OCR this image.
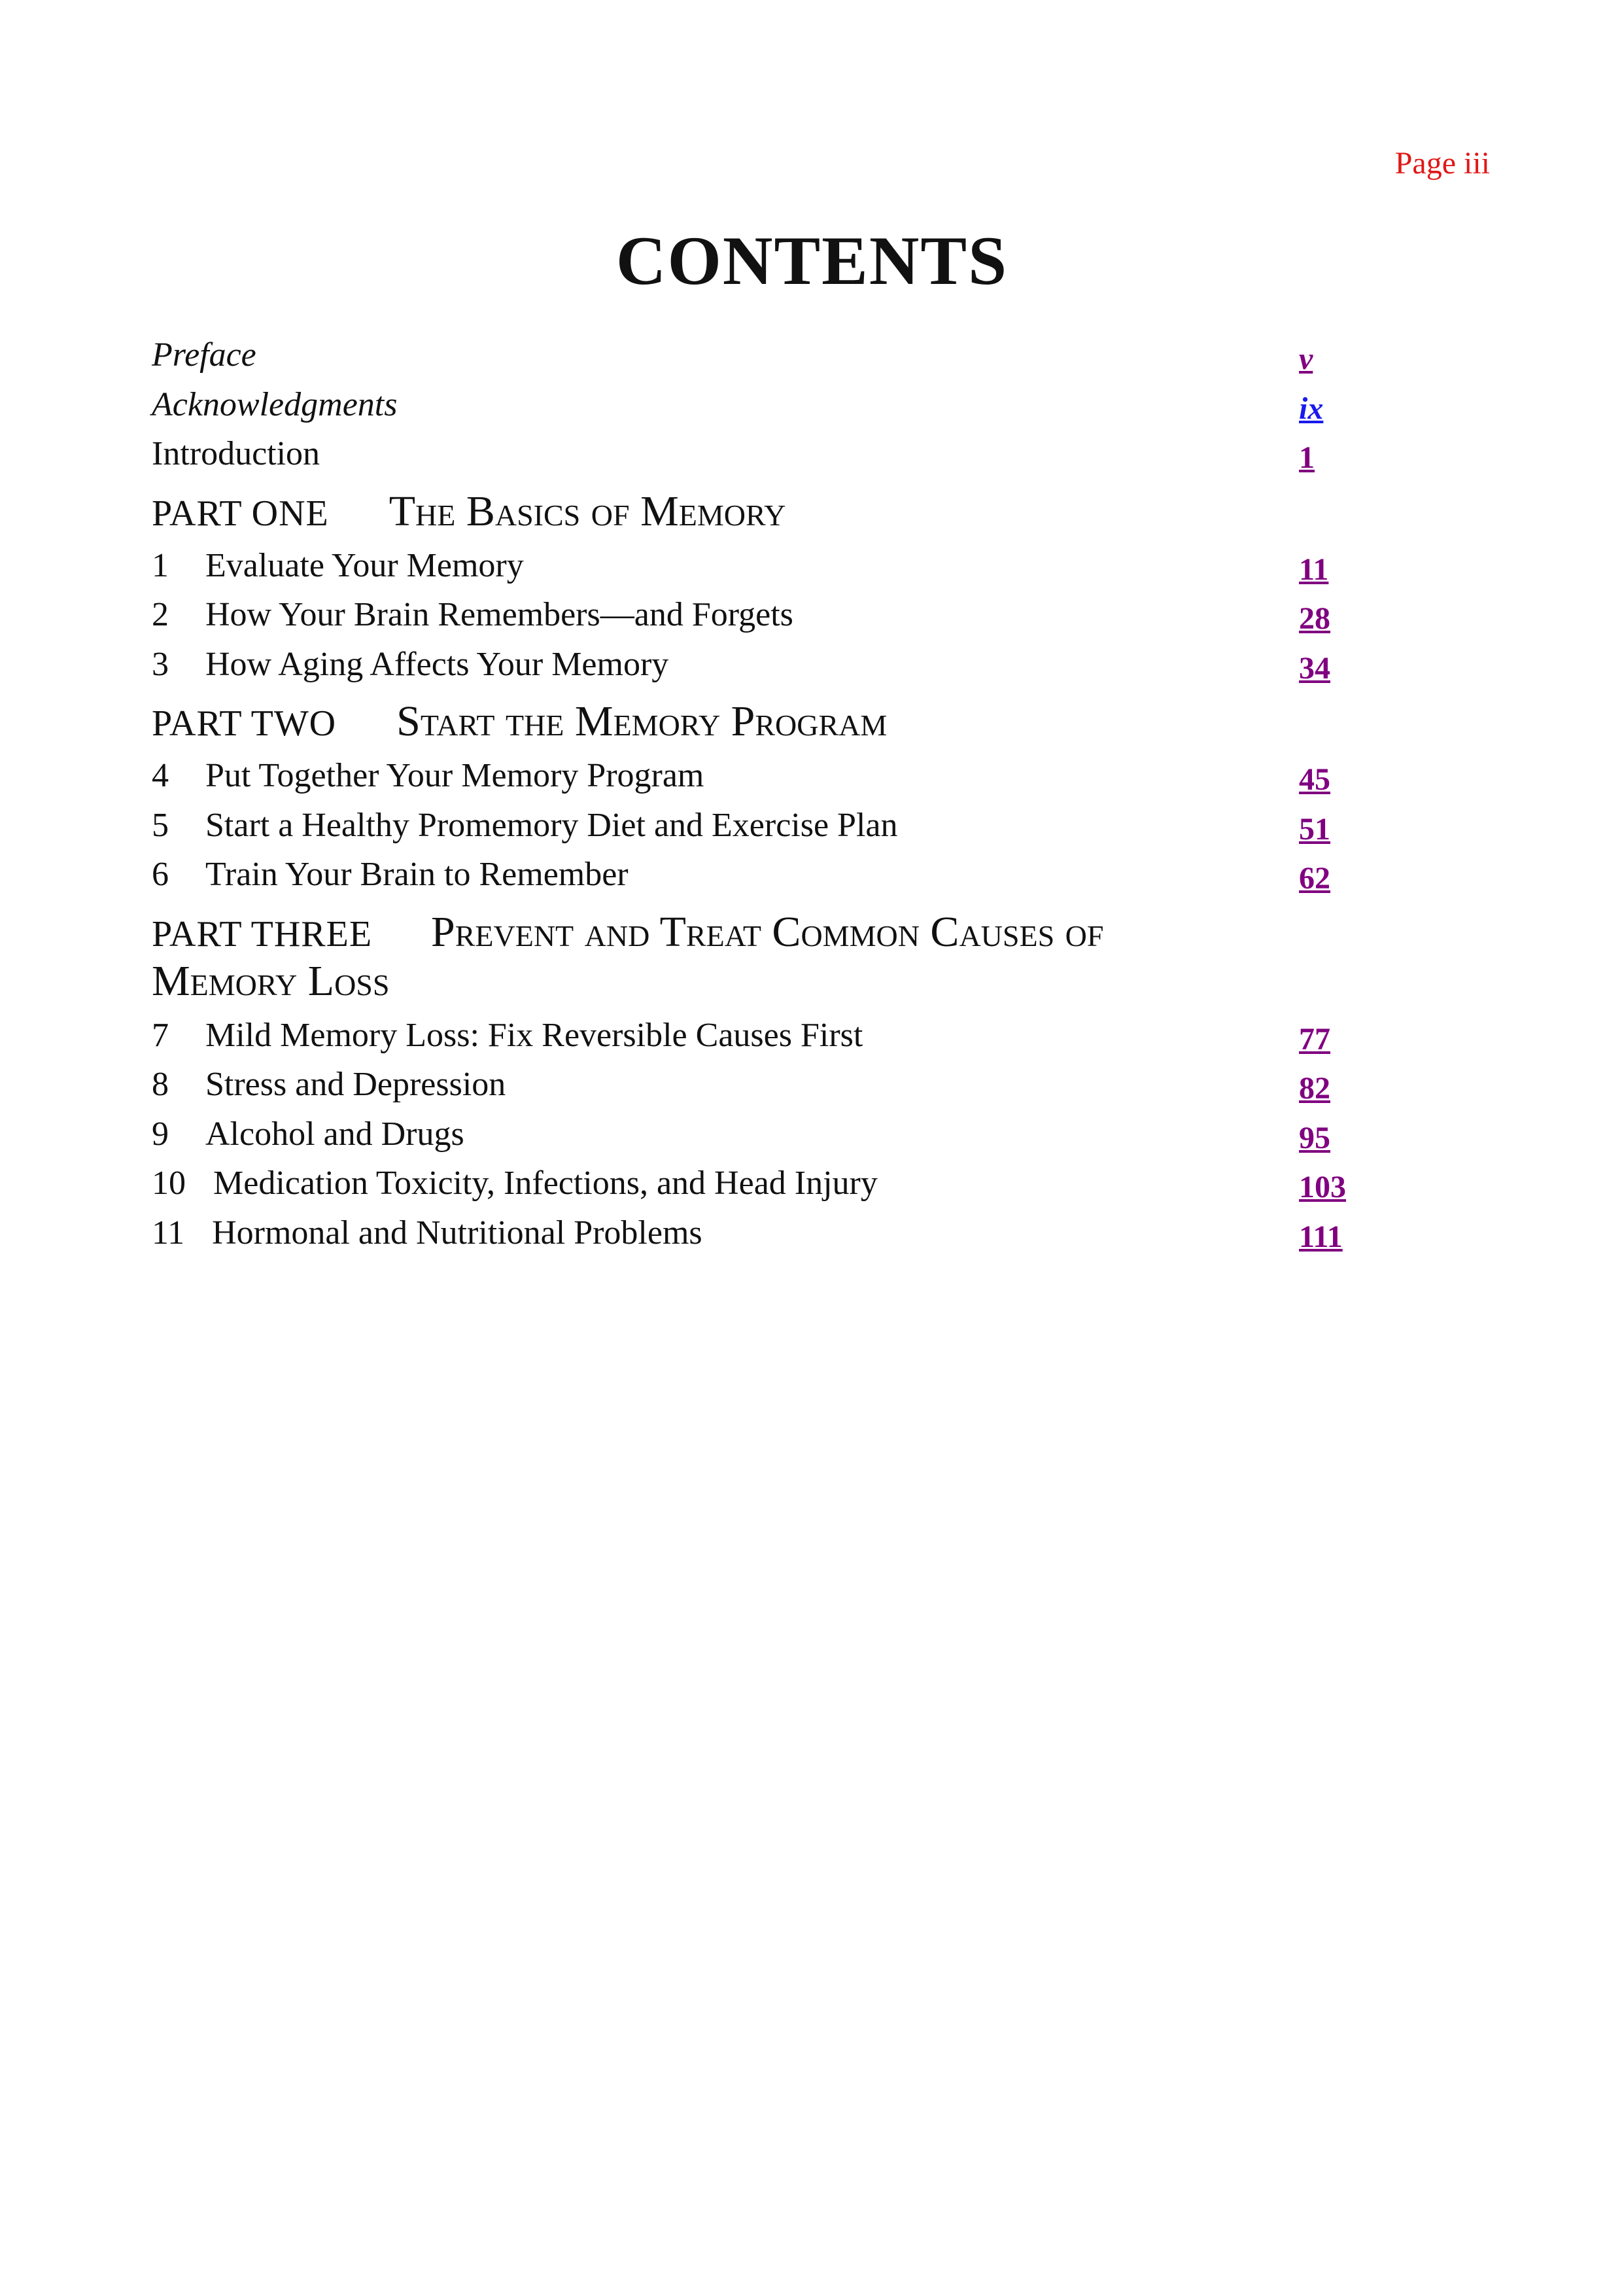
Page iii
CONTENTS
Preface	v
Acknowledgments	ix
Introduction	1
PART ONE The Basics of Memory
1 Evaluate Your Memory	11
2 How Your Brain Remembers—and Forgets	28
3 How Aging Affects Your Memory	34
PART TWO Start the Memory Program
4 Put Together Your Memory Program	45
5 Start a Healthy Promemory Diet and Exercise Plan	51
6 Train Your Brain to Remember	62
PART THREE Prevent and Treat Common Causes of Memory Loss
7 Mild Memory Loss: Fix Reversible Causes First	77
8 Stress and Depression	82
9 Alcohol and Drugs	95
10 Medication Toxicity, Infections, and Head Injury	103
11 Hormonal and Nutritional Problems	111
